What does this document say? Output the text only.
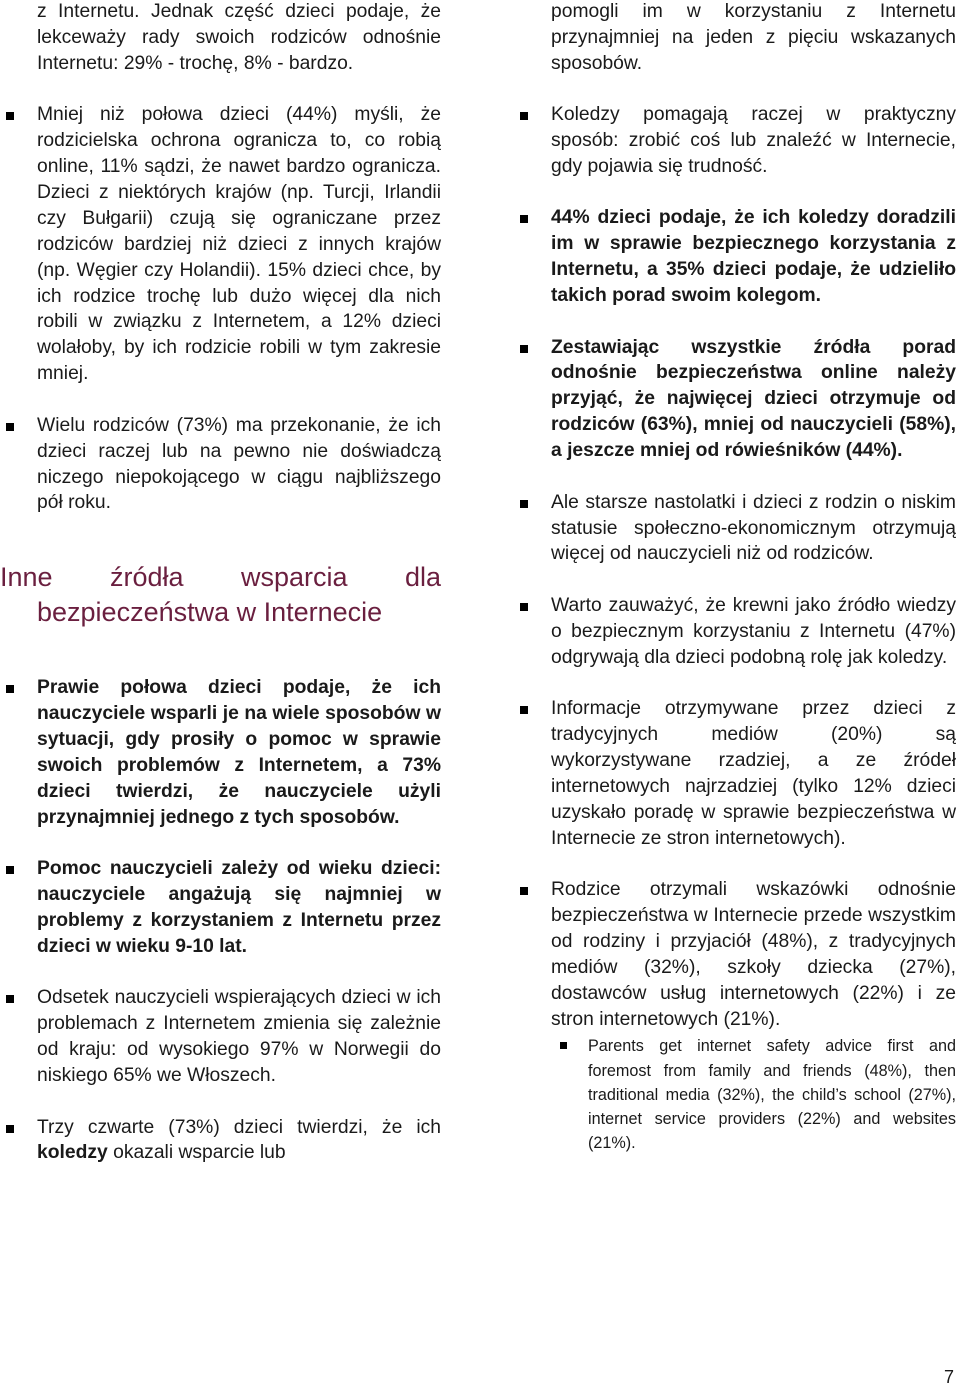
z Internetu. Jednak część dzieci podaje, że lekceważy rady swoich rodziców odnośnie Internetu: 29% - trochę, 8% - bardzo.

Mniej niż połowa dzieci (44%) myśli, że rodzicielska ochrona ogranicza to, co robią online, 11% sądzi, że nawet bardzo ogranicza. Dzieci z niektórych krajów (np. Turcji, Irlandii czy Bułgarii) czują się ograniczane przez rodziców bardziej niż dzieci z innych krajów (np. Węgier czy Holandii). 15% dzieci chce, by ich rodzice trochę lub dużo więcej dla nich robili w związku z Internetem, a 12% dzieci wolałoby, by ich rodzicie robili w tym zakresie mniej.
Wielu rodziców (73%) ma przekonanie, że ich dzieci raczej lub na pewno nie doświadczą niczego niepokojącego w ciągu najbliższego pół roku.
Inne źródła wsparcia dla
bezpieczeństwa w Internecie
Prawie połowa dzieci podaje, że ich nauczyciele wsparli je na wiele sposobów w sytuacji, gdy prosiły o pomoc w sprawie swoich problemów z Internetem, a 73% dzieci twierdzi, że nauczyciele użyli przynajmniej jednego z tych sposobów.
Pomoc nauczycieli zależy od wieku dzieci: nauczyciele angażują się najmniej w problemy z korzystaniem z Internetu przez dzieci w wieku 9-10 lat.
Odsetek nauczycieli wspierających dzieci w ich problemach z Internetem zmienia się zależnie od kraju: od wysokiego 97% w Norwegii do niskiego 65% we Włoszech.
Trzy czwarte (73%) dzieci twierdzi, że ich koledzy okazali wsparcie lub

pomogli im w korzystaniu z Internetu przynajmniej na jeden z pięciu wskazanych sposobów.

Koledzy pomagają raczej w praktyczny sposób: zrobić coś lub znaleźć w Internecie, gdy pojawia się trudność.
44% dzieci podaje, że ich koledzy doradzili im w sprawie bezpiecznego korzystania z Internetu, a 35% dzieci podaje, że udzieliło takich porad swoim kolegom.
Zestawiając wszystkie źródła porad odnośnie bezpieczeństwa online należy przyjąć, że najwięcej dzieci otrzymuje od rodziców (63%), mniej od nauczycieli (58%), a jeszcze mniej od rówieśników (44%).
Ale starsze nastolatki i dzieci z rodzin o niskim statusie społeczno-ekonomicznym otrzymują więcej od nauczycieli niż od rodziców.
Warto zauważyć, że krewni jako źródło wiedzy o bezpiecznym korzystaniu z Internetu (47%) odgrywają dla dzieci podobną rolę jak koledzy.
Informacje otrzymywane przez dzieci z tradycyjnych mediów (20%) są wykorzystywane rzadziej, a ze źródeł internetowych najrzadziej (tylko 12% dzieci uzyskało poradę w sprawie bezpieczeństwa w Internecie ze stron internetowych).
Rodzice otrzymali wskazówki odnośnie bezpieczeństwa w Internecie przede wszystkim od rodziny i przyjaciół (48%), z tradycyjnych mediów (32%), szkoły dziecka (27%), dostawców usług internetowych (22%) i ze stron internetowych (21%).
Parents get internet safety advice first and foremost from family and friends (48%), then traditional media (32%), the child’s school (27%), internet service providers (22%) and websites (21%).
7
